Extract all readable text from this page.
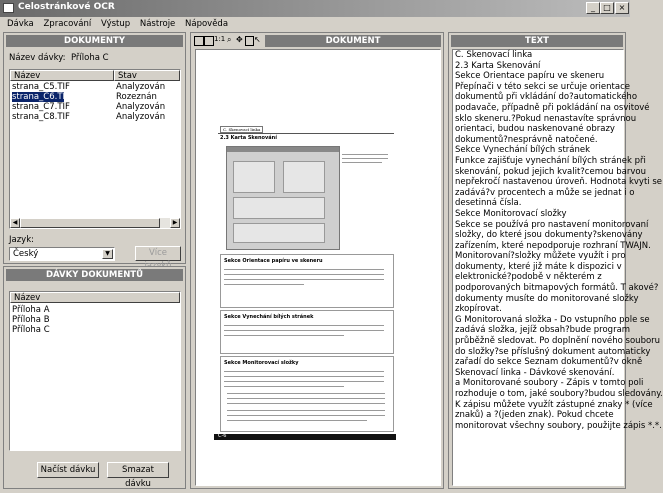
Celostránkové OCR	_	□ ×
Dávka Zpracování Výstup Nástroje Nápověda
DOKUMENTY
Název dávky: Příloha C
Název	Stav
strana_C5.TIF	Analyzován
strana_C6.TIF	Rozeznán
strana_C7.TIF	Analyzován
strana_C8.TIF	Analyzován
◀	▶
Jazyk:
Český	▼	Více
DÁVKY DOKUMENTŮ
Název
Příloha A
Příloha B
Příloha C
Načíst dávku	Smazat dávku
1:1 ⌕ ✥ ↖	DOKUMENT
C. Skenovací linka
2.3 Karta Skenování
Sekce Orientace papíru ve skeneru
Sekce Vynechání bílých stránek
Sekce Monitorovací složky
C-6
TEXT
C. Skenovací linka
2.3 Karta Skenování
Sekce Orientace papíru ve skeneru
Přepínači v této sekci se určuje orientace
dokumentů při vkládání do?automatického
podavače, případně při pokládání na osvitové
sklo skeneru.?Pokud nenastavíte správnou
orientaci, budou naskenované obrazy
dokumentů?nesprávně natočené.
Sekce Vynechání bílých stránek
Funkce zajišťuje vynechání bílých stránek při
skenování, pokud jejich kvalit?cemou barvou
nepřekročí nastavenou úroveň. Hodnota kvyti se
zadává?v procentech a může se jednat i o
desetinná čísla.
Sekce Monitorovací složky
Sekce se používá pro nastavení monitorovaní
složky, do které jsou dokumenty?skenovány
zařízením, které nepodporuje rozhraní TWAJN.
Monitorovaní?složky můžete využít i pro
dokumenty, které již máte k dispozici v
elektronické?podobě v některém z
podporovaných bitmapových formátů. T akové?
dokumenty musíte do monitorované složky
zkopírovat.
G Monitorovaná složka - Do vstupního pole se
zadává složka, jejíž obsah?bude program
průběžně sledovat. Po doplnění nového souboru
do složky?se příslušný dokument automaticky
zařadí do sekce Seznam dokumentů?v okně
Skenovací linka - Dávkové skenování.
a Monitorované soubory - Zápis v tomto poli
rozhoduje o tom, jaké soubory?budou sledovány.
K zápisu můžete využít zástupné znaky * (více
znaků) a ?(jeden znak). Pokud chcete
monitorovat všechny soubory, použijte zápis *.*.
